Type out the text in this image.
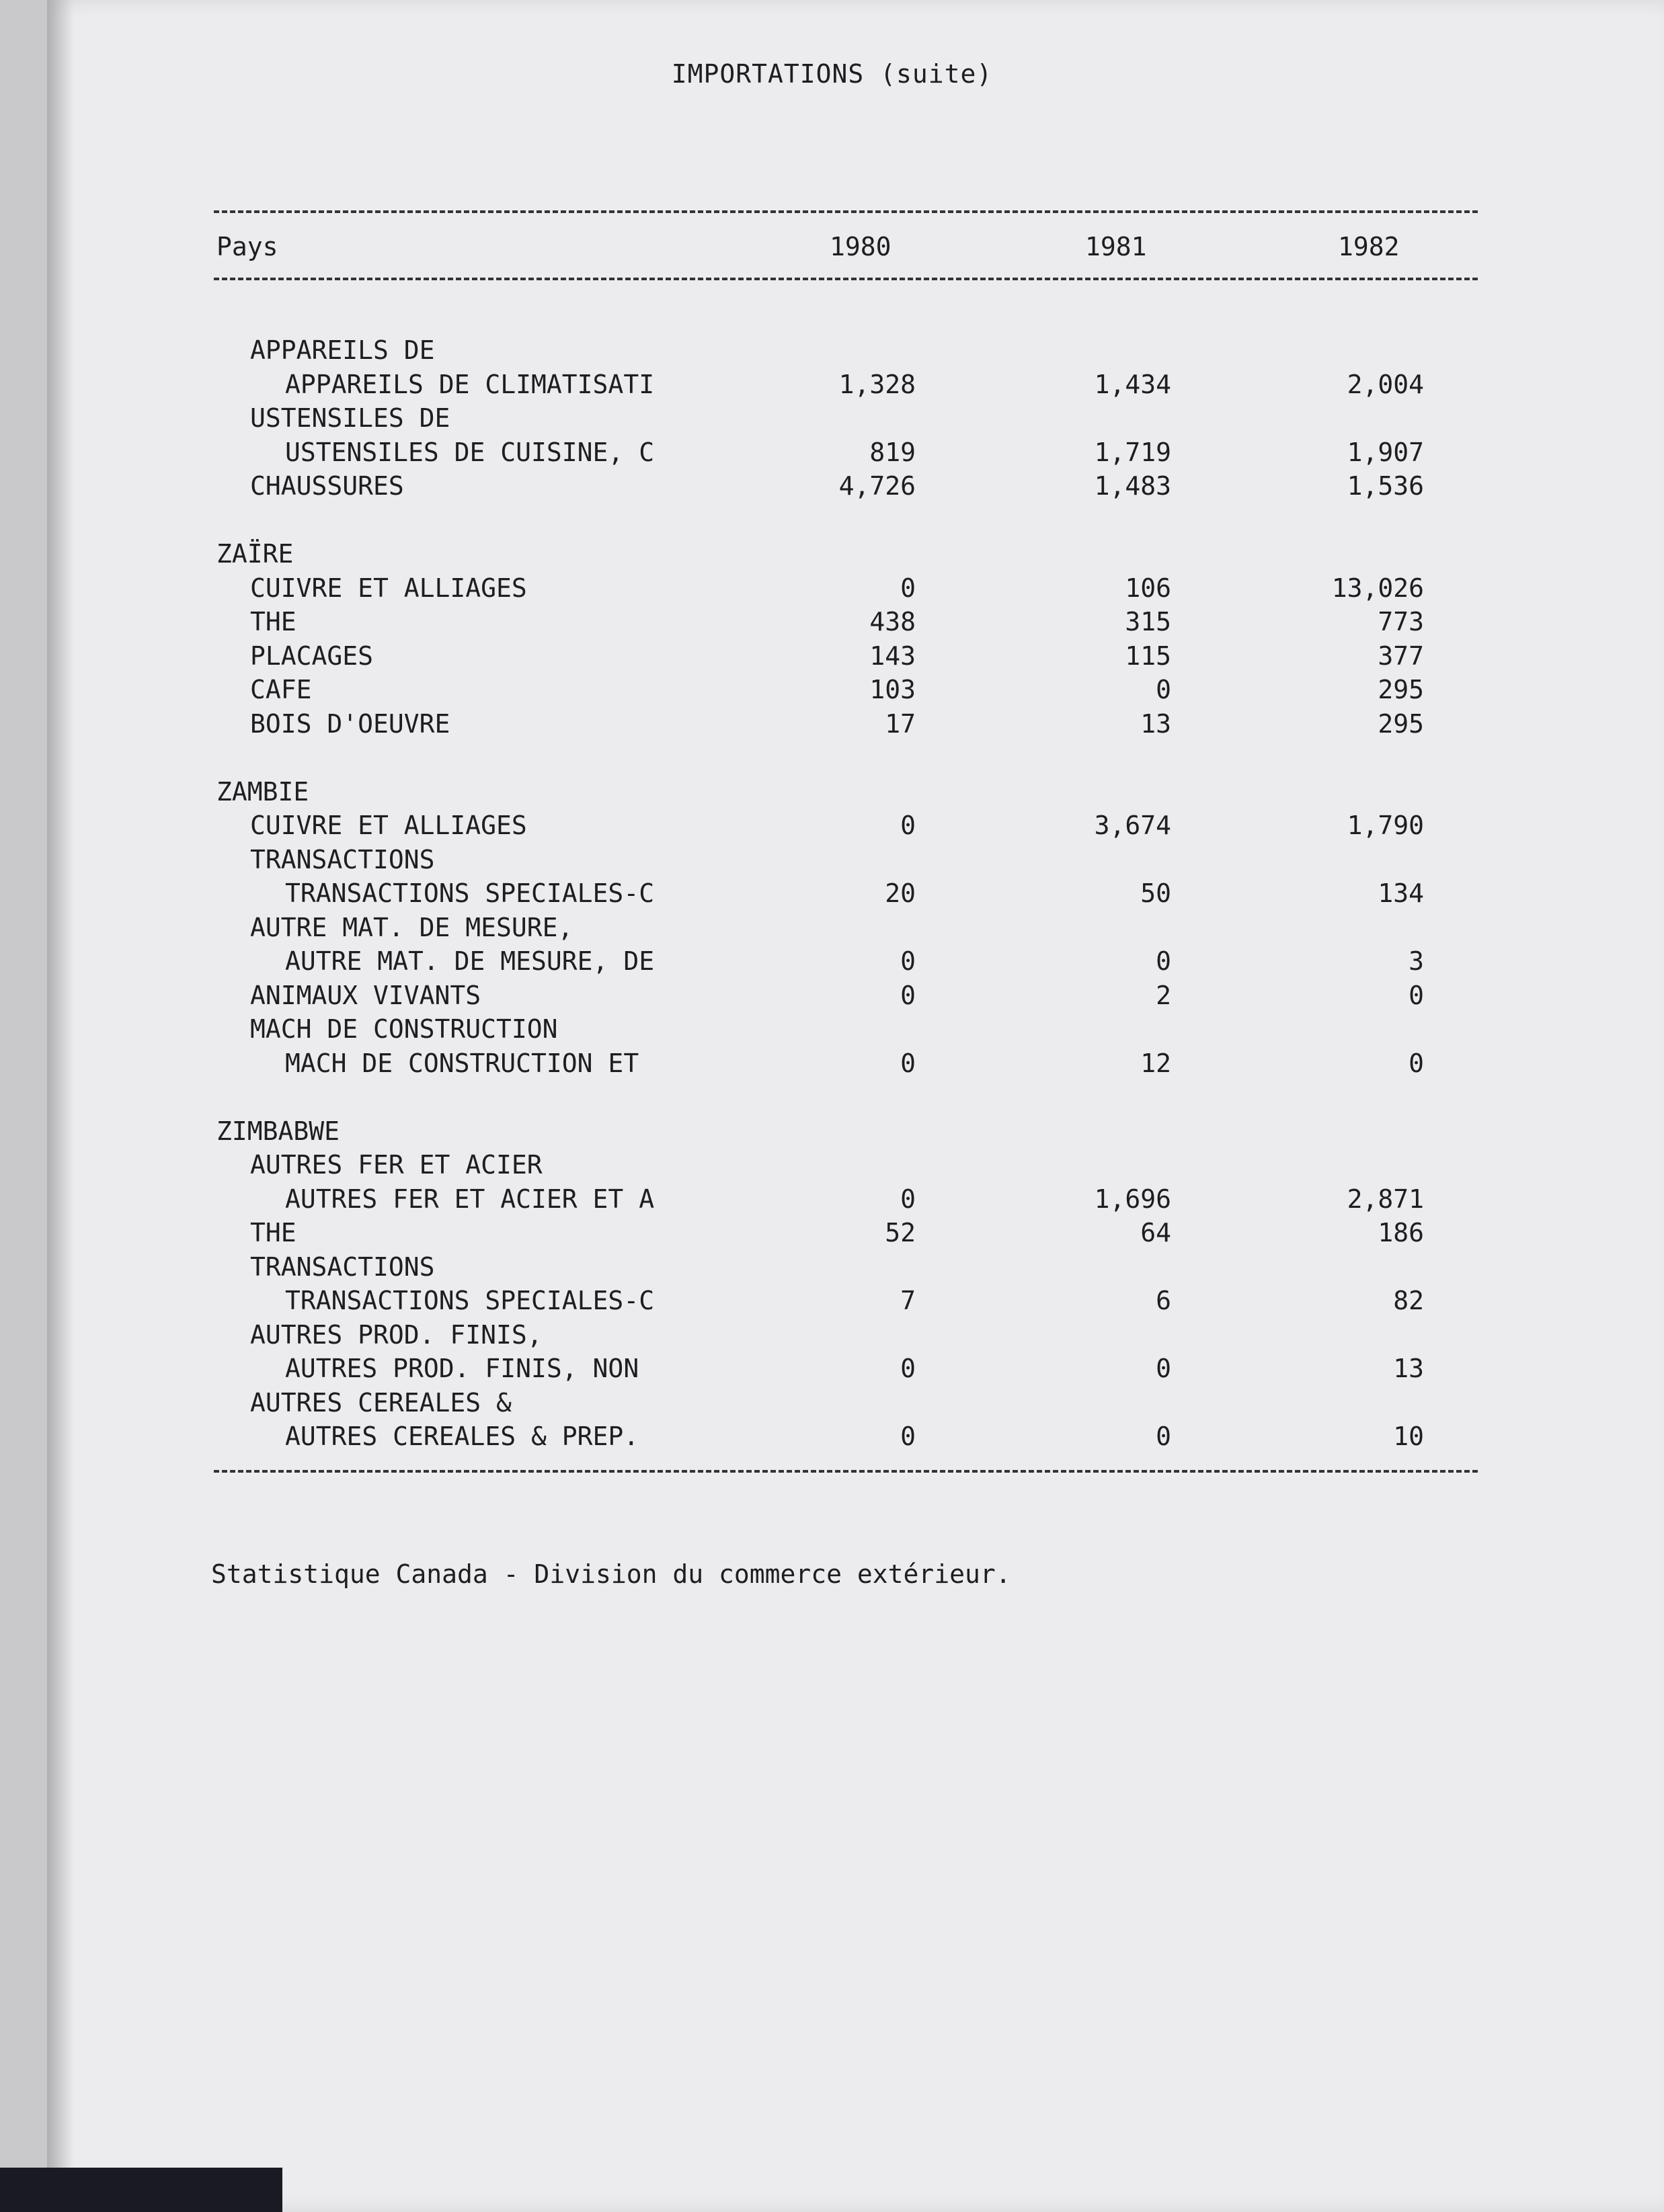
IMPORTATIONS (suite)
Pays	1980	1981	1982
APPAREILS DE
APPAREILS DE CLIMATISATI	1,328	1,434	2,004
USTENSILES DE
USTENSILES DE CUISINE, C	819	1,719	1,907
CHAUSSURES	4,726	1,483	1,536
ZAÏRE
CUIVRE ET ALLIAGES	0	106	13,026
THE	438	315	773
PLACAGES	143	115	377
CAFE	103	0	295
BOIS D'OEUVRE	17	13	295
ZAMBIE
CUIVRE ET ALLIAGES	0	3,674	1,790
TRANSACTIONS
TRANSACTIONS SPECIALES-C	20	50	134
AUTRE MAT. DE MESURE,
AUTRE MAT. DE MESURE, DE	0	0	3
ANIMAUX VIVANTS	0	2	0
MACH DE CONSTRUCTION
MACH DE CONSTRUCTION ET	0	12	0
ZIMBABWE
AUTRES FER ET ACIER
AUTRES FER ET ACIER ET A	0	1,696	2,871
THE	52	64	186
TRANSACTIONS
TRANSACTIONS SPECIALES-C	7	6	82
AUTRES PROD. FINIS,
AUTRES PROD. FINIS, NON	0	0	13
AUTRES CEREALES &
AUTRES CEREALES & PREP.	0	0	10
Statistique Canada - Division du commerce extérieur.
